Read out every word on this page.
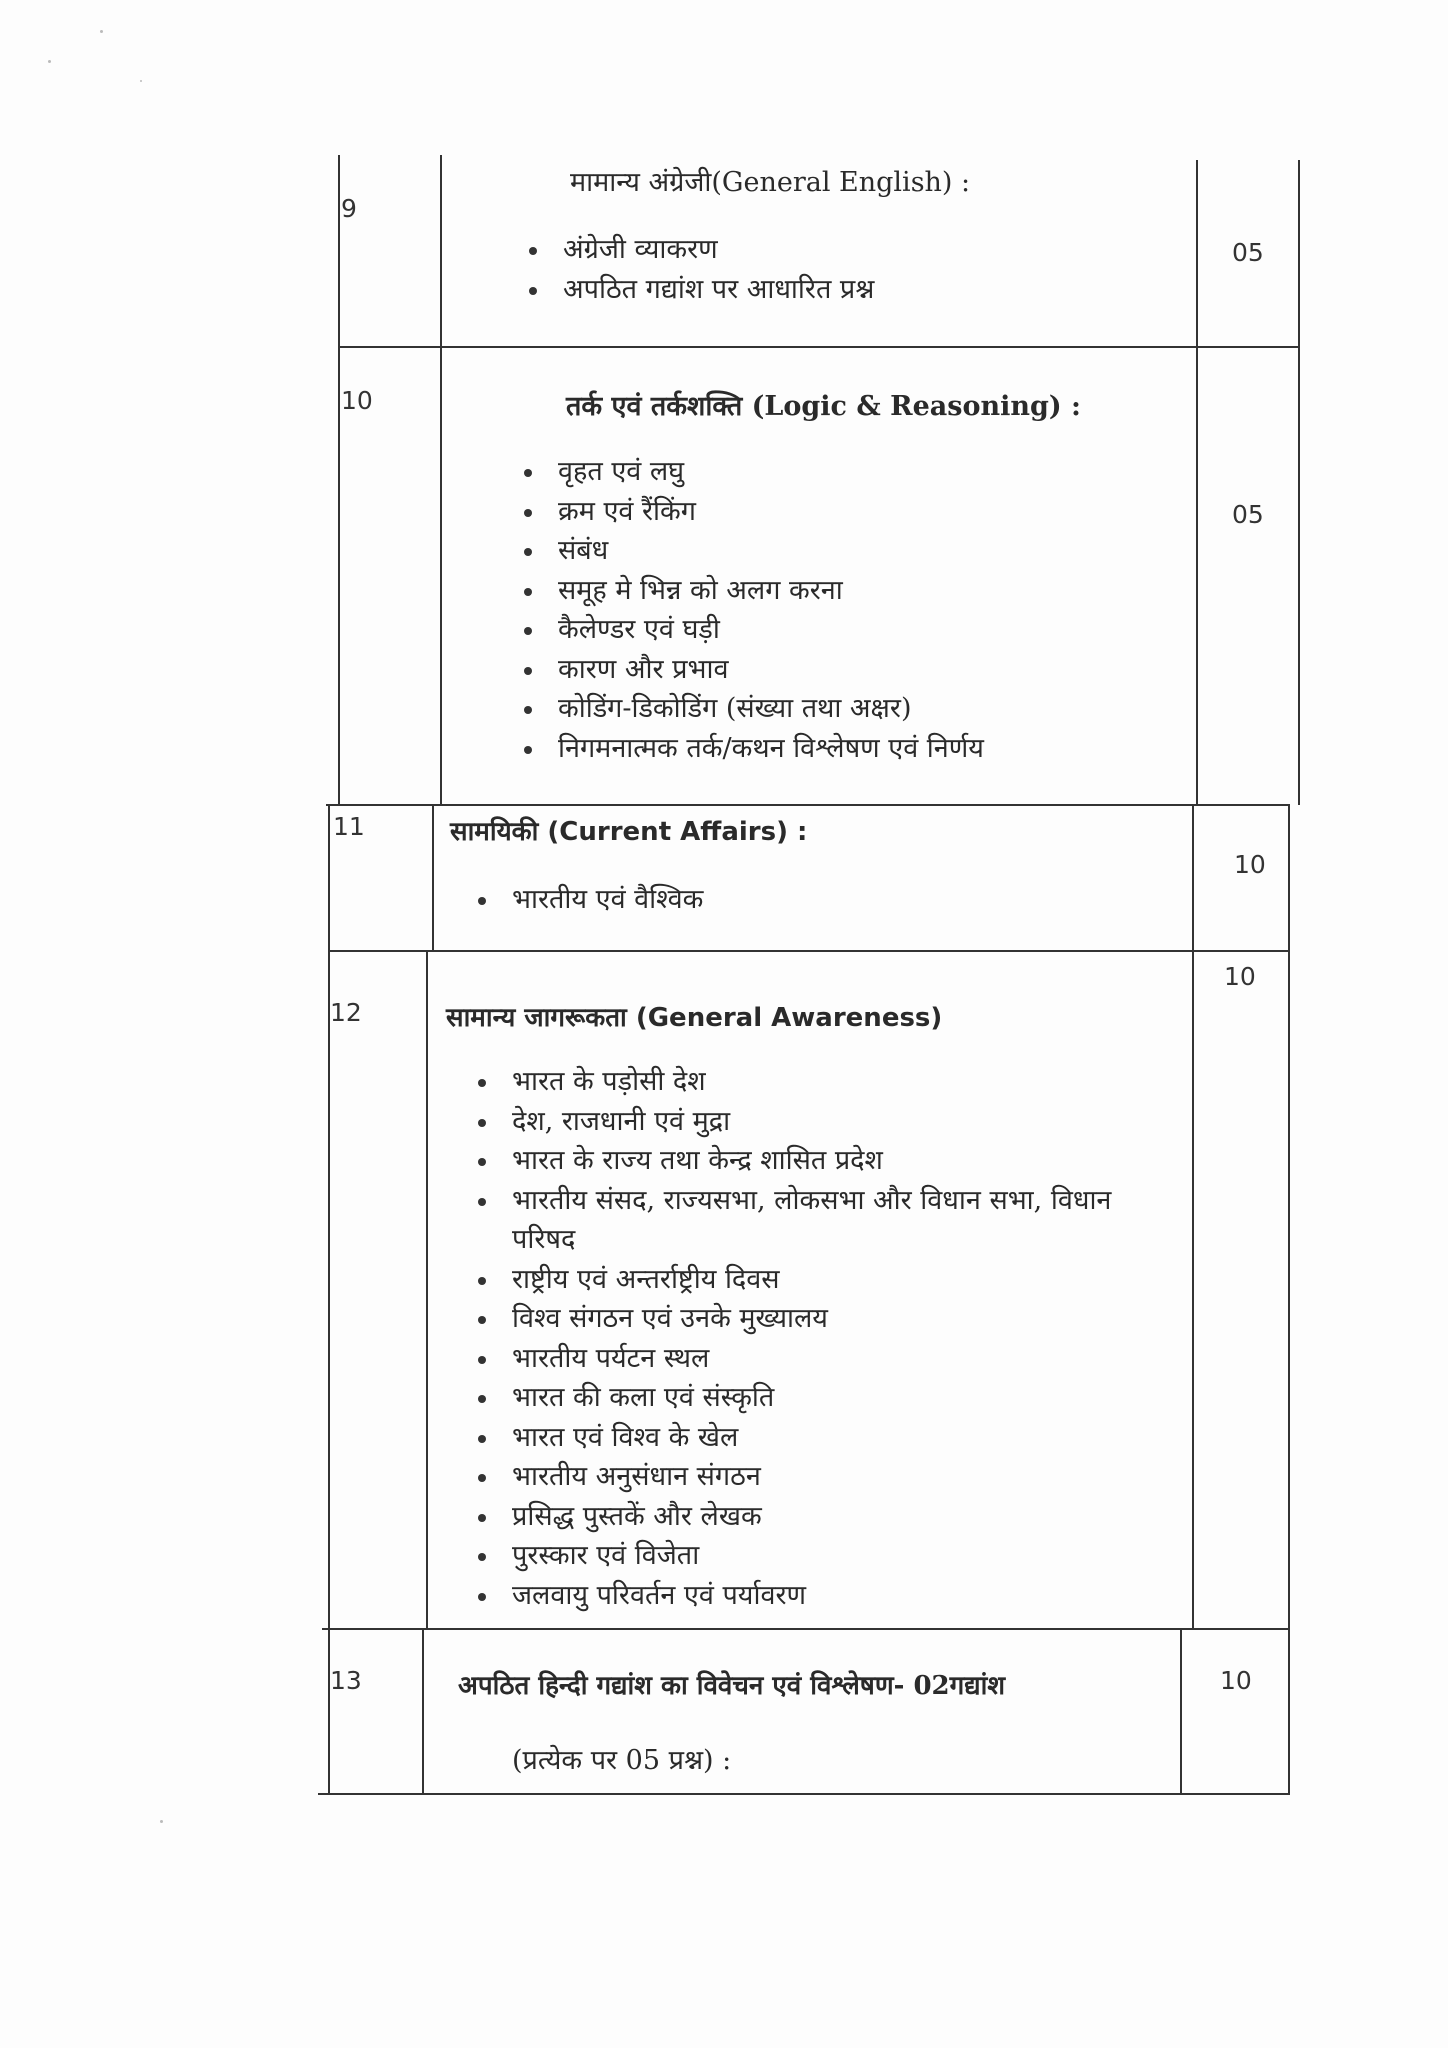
9
मामान्य अंग्रेजी(General English) :
अंग्रेजी व्याकरण
अपठित गद्यांश पर आधारित प्रश्न
05
10	तर्क एवं तर्कशक्ति (Logic & Reasoning) :
वृहत एवं लघु
क्रम एवं रैंकिंग
संबंध
समूह मे भिन्न को अलग करना
कैलेण्डर एवं घड़ी
कारण और प्रभाव
कोडिंग-डिकोडिंग (संख्या तथा अक्षर)
निगमनात्मक तर्क/कथन विश्लेषण एवं निर्णय
05
11	सामयिकी (Current Affairs) :
भारतीय एवं वैश्विक
10
12	सामान्य जागरूकता (General Awareness)
भारत के पड़ोसी देश
देश, राजधानी एवं मुद्रा
भारत के राज्य तथा केन्द्र शासित प्रदेश
भारतीय संसद, राज्यसभा, लोकसभा और विधान सभा, विधान परिषद
राष्ट्रीय एवं अन्तर्राष्ट्रीय दिवस
विश्व संगठन एवं उनके मुख्यालय
भारतीय पर्यटन स्थल
भारत की कला एवं संस्कृति
भारत एवं विश्व के खेल
भारतीय अनुसंधान संगठन
प्रसिद्ध पुस्तकें और लेखक
पुरस्कार एवं विजेता
जलवायु परिवर्तन एवं पर्यावरण
10
13	अपठित हिन्दी गद्यांश का विवेचन एवं विश्लेषण- 02गद्यांश
(प्रत्येक पर 05 प्रश्न) :
10
